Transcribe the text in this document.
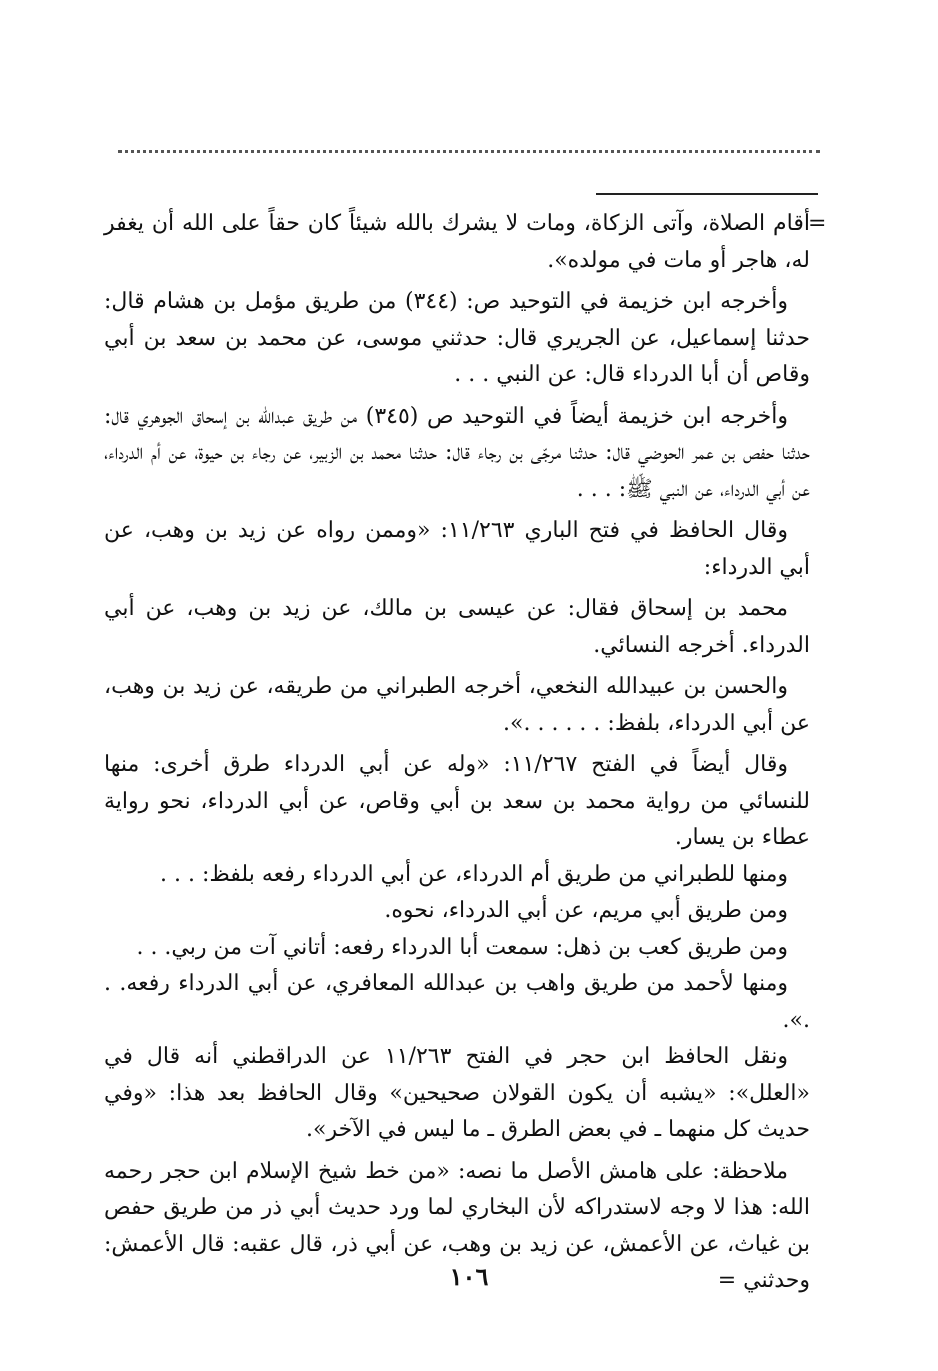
=

أقام الصلاة، وآتى الزكاة، ومات لا يشرك بالله شيئاً كان حقاً على الله أن يغفر له، هاجر أو مات في مولده».

وأخرجه ابن خزيمة في التوحيد ص: (٣٤٤) من طريق مؤمل بن هشام قال: حدثنا إسماعيل، عن الجريري قال: حدثني موسى، عن محمد بن سعد بن أبي وقاص أن أبا الدرداء قال: عن النبي . . .

وأخرجه ابن خزيمة أيضاً في التوحيد ص (٣٤٥) من طريق عبدالله بن إسحاق الجوهري قال: حدثنا حفص بن عمر الحوضي قال: حدثنا مرجّى بن رجاء قال: حدثنا محمد بن الزبير، عن رجاء بن حيوة، عن أم الدرداء، عن أبي الدرداء، عن النبي ﷺ: . . .

وقال الحافظ في فتح الباري ١١/٢٦٣: «وممن رواه عن زيد بن وهب، عن أبي الدرداء:

محمد بن إسحاق فقال: عن عيسى بن مالك، عن زيد بن وهب، عن أبي الدرداء. أخرجه النسائي.

والحسن بن عبيدالله النخعي، أخرجه الطبراني من طريقه، عن زيد بن وهب، عن أبي الدرداء، بلفظ: . . . . . .».

وقال أيضاً في الفتح ١١/٢٦٧: «وله عن أبي الدرداء طرق أخرى: منها للنسائي من رواية محمد بن سعد بن أبي وقاص، عن أبي الدرداء، نحو رواية عطاء بن يسار.

ومنها للطبراني من طريق أم الدرداء، عن أبي الدرداء رفعه بلفظ: . . .

ومن طريق أبي مريم، عن أبي الدرداء، نحوه.

ومن طريق كعب بن ذهل: سمعت أبا الدرداء رفعه: أتاني آت من ربي. . .

ومنها لأحمد من طريق واهب بن عبدالله المعافري، عن أبي الدرداء رفعه. . .».

ونقل الحافظ ابن حجر في الفتح ١١/٢٦٣ عن الدراقطني أنه قال في «العلل»: «يشبه أن يكون القولان صحيحين» وقال الحافظ بعد هذا: «وفي حديث كل منهما ـ في بعض الطرق ـ ما ليس في الآخر».

ملاحظة: على هامش الأصل ما نصه: «من خط شيخ الإسلام ابن حجر رحمه الله: هذا لا وجه لاستدراكه لأن البخاري لما ورد حديث أبي ذر من طريق حفص بن غياث، عن الأعمش، عن زيد بن وهب، عن أبي ذر، قال عقبه: قال الأعمش: وحدثني =

١٠٦
